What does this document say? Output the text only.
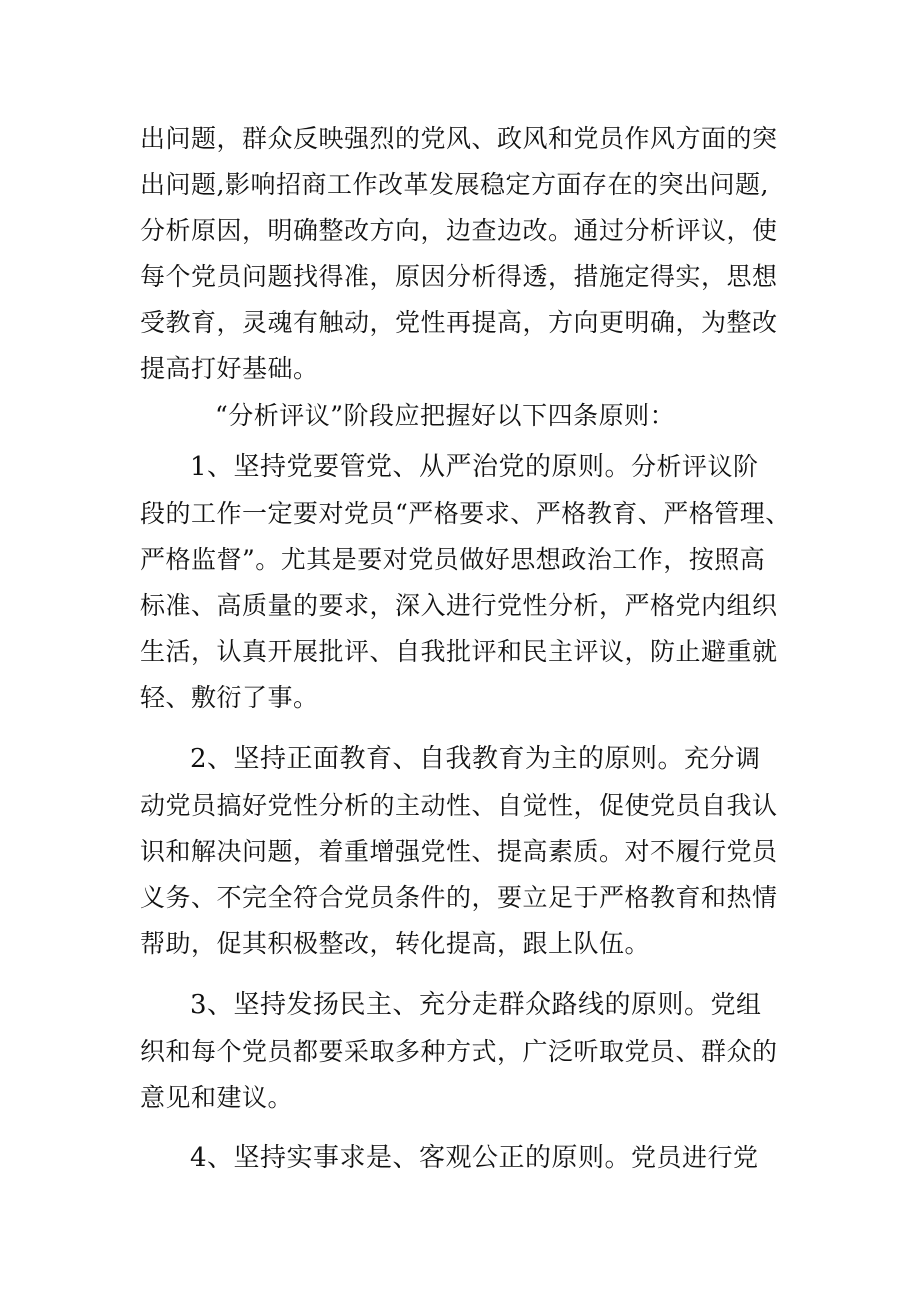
出问题，群众反映强烈的党风、政风和党员作风方面的突
出问题,影响招商工作改革发展稳定方面存在的突出问题,
分析原因，明确整改方向，边查边改。通过分析评议，使
每个党员问题找得准，原因分析得透，措施定得实，思想
受教育，灵魂有触动，党性再提高，方向更明确，为整改
提高打好基础。
“分析评议”阶段应把握好以下四条原则：
1、坚持党要管党、从严治党的原则。分析评议阶
段的工作一定要对党员“严格要求、严格教育、严格管理、
严格监督”。尤其是要对党员做好思想政治工作，按照高
标准、高质量的要求，深入进行党性分析，严格党内组织
生活，认真开展批评、自我批评和民主评议，防止避重就
轻、敷衍了事。
2、坚持正面教育、自我教育为主的原则。充分调
动党员搞好党性分析的主动性、自觉性，促使党员自我认
识和解决问题，着重增强党性、提高素质。对不履行党员
义务、不完全符合党员条件的，要立足于严格教育和热情
帮助，促其积极整改，转化提高，跟上队伍。
3、坚持发扬民主、充分走群众路线的原则。党组
织和每个党员都要采取多种方式，广泛听取党员、群众的
意见和建议。
4、坚持实事求是、客观公正的原则。党员进行党
